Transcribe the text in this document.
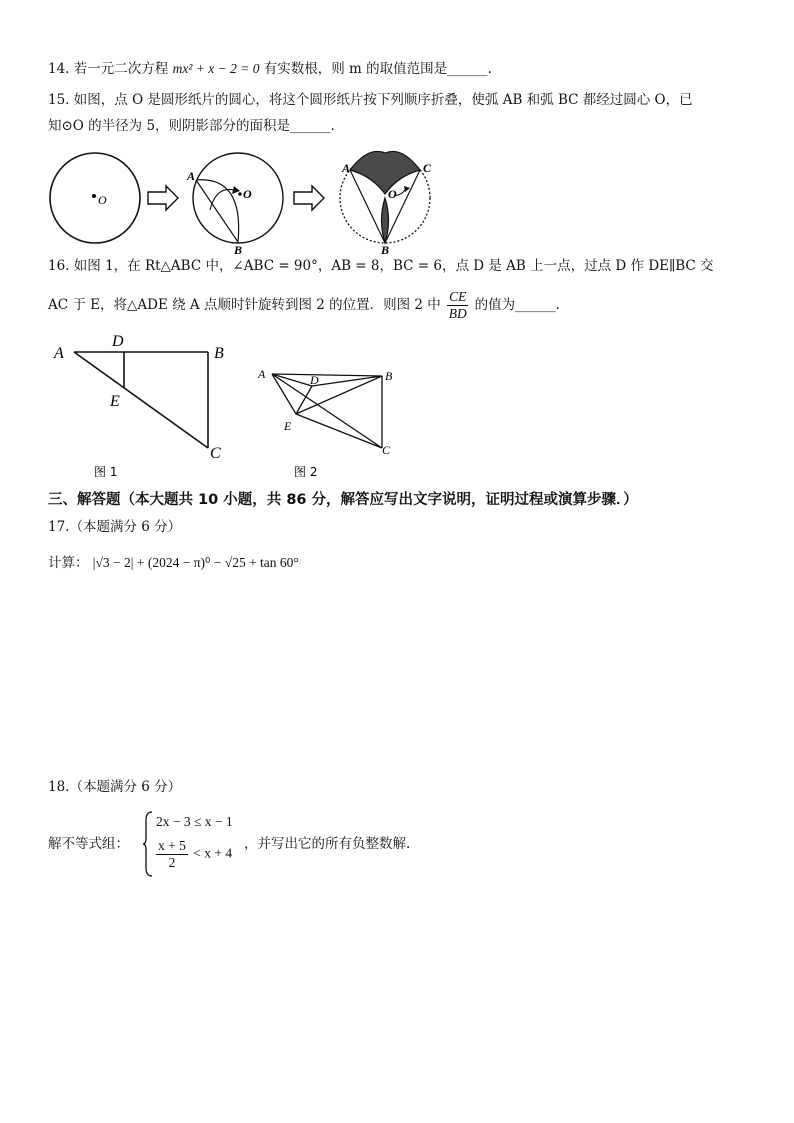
14. 若一元二次方程 mx² + x − 2 = 0 有实数根，则 m 的取值范围是______.
15. 如图，点 O 是圆形纸片的圆心，将这个圆形纸片按下列顺序折叠，使弧 AB 和弧 BC 都经过圆心 O，已
知⊙O 的半径为 5，则阴影部分的面积是______.
O
A
O
B
A	C
O
B
16. 如图 1，在 Rt△ABC 中，∠ABC = 90°，AB = 8，BC = 6，点 D 是 AB 上一点，过点 D 作 DE∥BC 交
AC 于 E，将△ADE 绕 A 点顺时针旋转到图 2 的位置．则图 2 中 $\frac{CE}{BD}$ 的值为______.
A
D
B
E
C
图 1
A	D	B
E
C
图 2
三、解答题（本大题共 10 小题，共 86 分，解答应写出文字说明，证明过程或演算步骤．）
17.（本题满分 6 分）
计算： |√3 − 2| + (2024 − π)⁰ − √25 + tan 60°
18.（本题满分 6 分）
解不等式组：
2x − 3 ≤ x − 1
$\frac{x + 5}{2} < x + 4$
，并写出它的所有负整数解.
